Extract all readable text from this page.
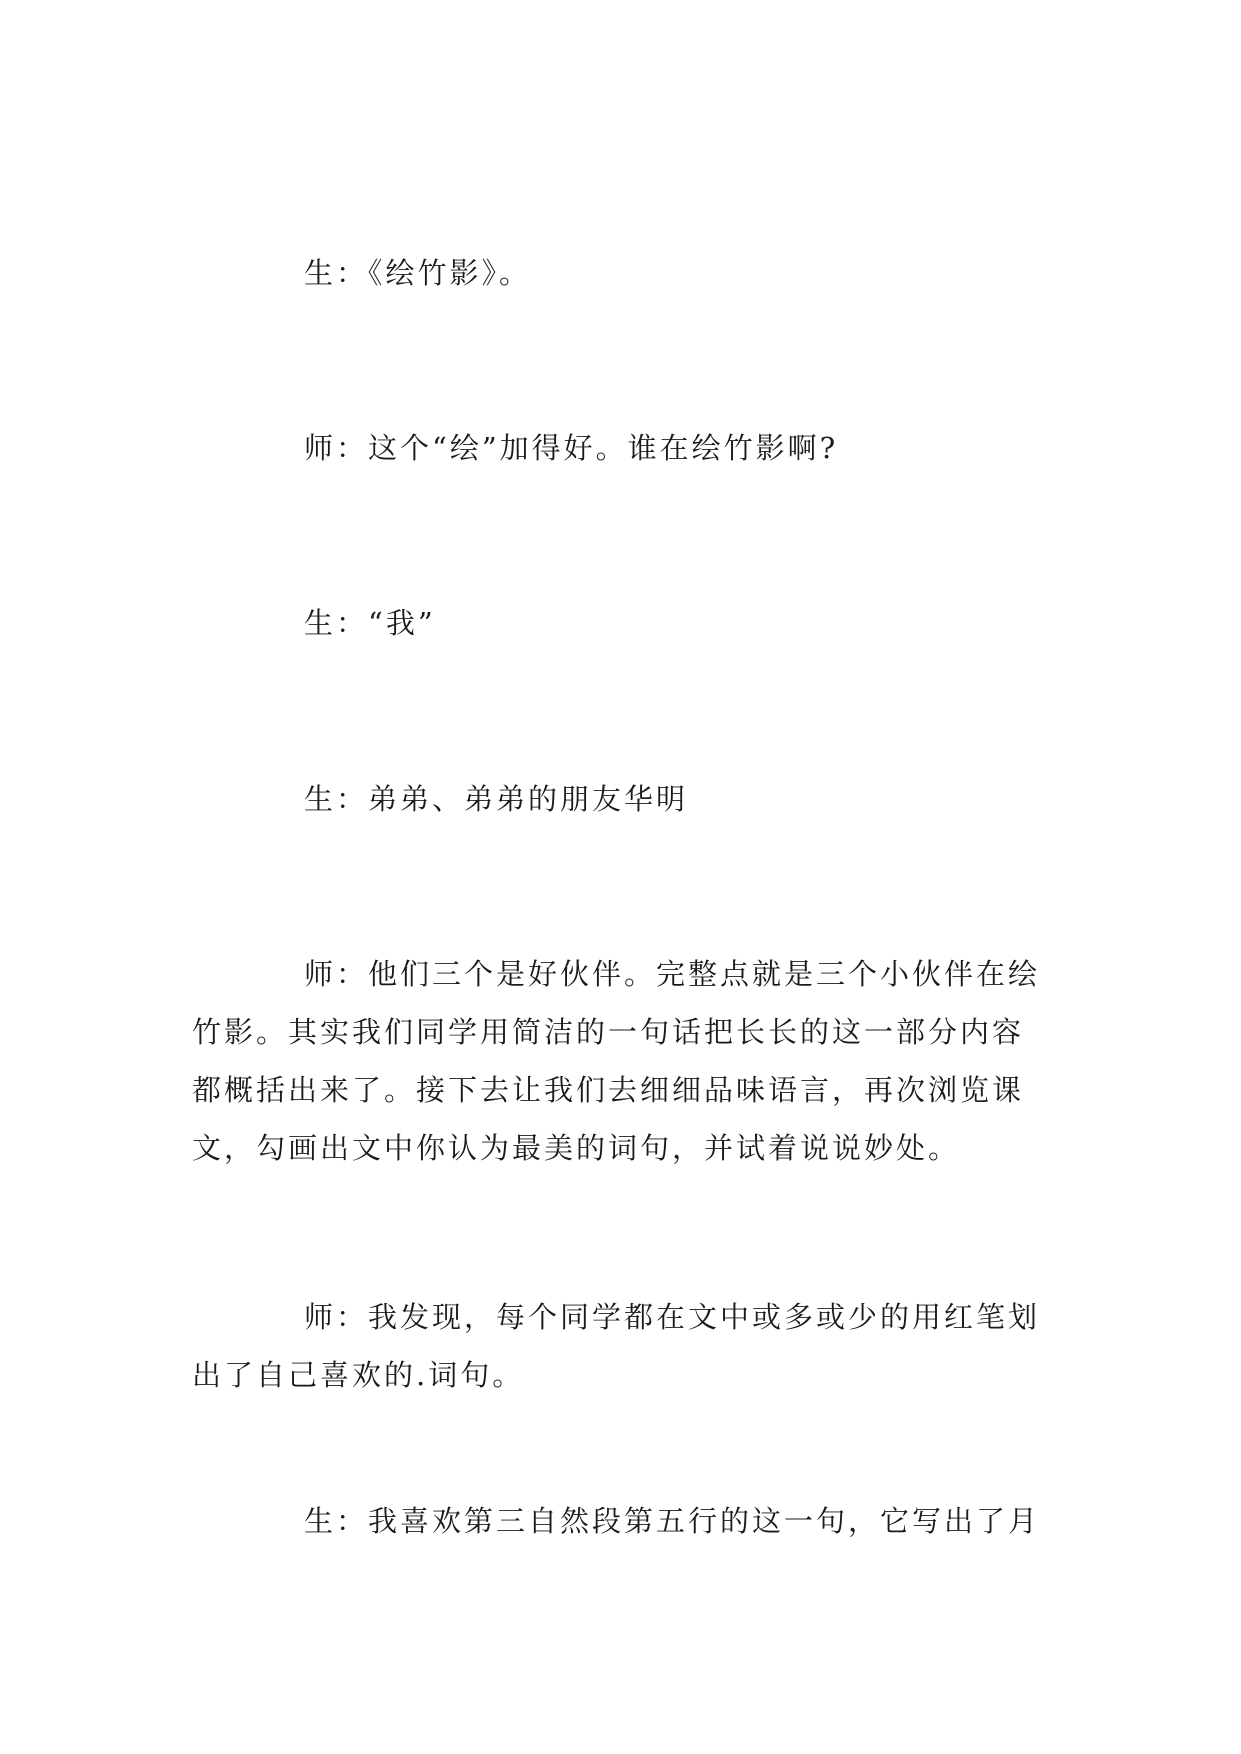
生：《绘竹影》。

师：这个“绘”加得好。谁在绘竹影啊?

生：“我”

生：弟弟、弟弟的朋友华明

师：他们三个是好伙伴。完整点就是三个小伙伴在绘竹影。其实我们同学用简洁的一句话把长长的这一部分内容都概括出来了。接下去让我们去细细品味语言，再次浏览课文，勾画出文中你认为最美的词句，并试着说说妙处。

师：我发现，每个同学都在文中或多或少的用红笔划出了自己喜欢的.词句。

生：我喜欢第三自然段第五行的这一句，它写出了月
